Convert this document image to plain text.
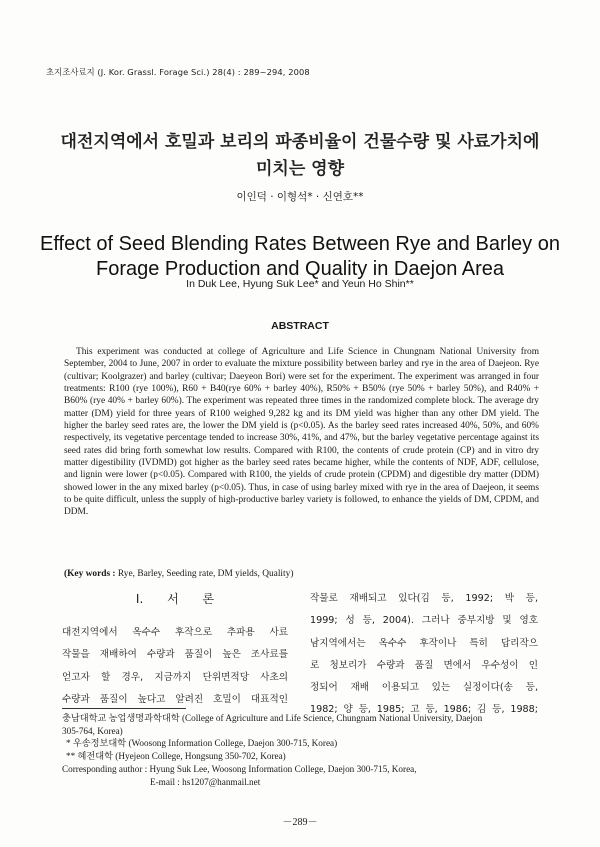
초지조사료지 (J. Kor. Grassl. Forage Sci.) 28(4) : 289~294, 2008
대전지역에서 호밀과 보리의 파종비율이 건물수량 및 사료가치에
미치는 영향
이인덕 · 이형석* · 신연호**
Effect of Seed Blending Rates Between Rye and Barley on
Forage Production and Quality in Daejon Area
In Duk Lee, Hyung Suk Lee* and Yeun Ho Shin**
ABSTRACT

This experiment was conducted at college of Agriculture and Life Science in Chungnam National University from September, 2004 to June, 2007 in order to evaluate the mixture possibility between barley and rye in the area of Daejeon. Rye (cultivar; Koolgrazer) and barley (cultivar; Daeyeon Bori) were set for the experiment. The experiment was arranged in four treatments: R100 (rye 100%), R60 + B40(rye 60% + barley 40%), R50% + B50% (rye 50% + barley 50%), and R40% + B60% (rye 40% + barley 60%). The experiment was repeated three times in the randomized complete block. The average dry matter (DM) yield for three years of R100 weighed 9,282 kg and its DM yield was higher than any other DM yield. The higher the barley seed rates are, the lower the DM yield is (p<0.05). As the barley seed rates increased 40%, 50%, and 60% respectively, its vegetative percentage tended to increase 30%, 41%, and 47%, but the barley vegetative percentage against its seed rates did bring forth somewhat low results. Compared with R100, the contents of crude protein (CP) and in vitro dry matter digestibility (IVDMD) got higher as the barley seed rates became higher, while the contents of NDF, ADF, cellulose, and lignin were lower (p<0.05). Compared with R100, the yields of crude protein (CPDM) and digestible dry matter (DDM) showed lower in the any mixed barley (p<0.05). Thus, in case of using barley mixed with rye in the area of Daejeon, it seems to be quite difficult, unless the supply of high-productive barley variety is followed, to enhance the yields of DM, CPDM, and DDM.

(Key words : Rye, Barley, Seeding rate, DM yields, Quality)
Ⅰ. 서 론
대전지역에서 옥수수 후작으로 추파용 사료
작물을 재배하여 수량과 품질이 높은 조사료를
얻고자 할 경우, 지금까지 단위면적당 사초의
수량과 품질이 높다고 알려진 호밀이 대표적인
작물로 재배되고 있다(김 등, 1992; 박 등,
1999; 성 등, 2004). 그러나 중부지방 및 영호
남지역에서는 옥수수 후작이나 특히 답리작으
로 청보리가 수량과 품질 면에서 우수성이 인
정되어 재배 이용되고 있는 실정이다(송 등,
1982; 양 등, 1985; 고 등, 1986; 김 등, 1988;
충남대학교 농업생명과학대학 (College of Agriculture and Life Science, Chungnam National University, Daejon
305-764, Korea)
* 우송정보대학 (Woosong Information College, Daejon 300-715, Korea)
** 혜전대학 (Hyejeon College, Hongsung 350-702, Korea)
Corresponding author : Hyung Suk Lee, Woosong Information College, Daejon 300-715, Korea,
E-mail : hs1207@hanmail.net
－289－
